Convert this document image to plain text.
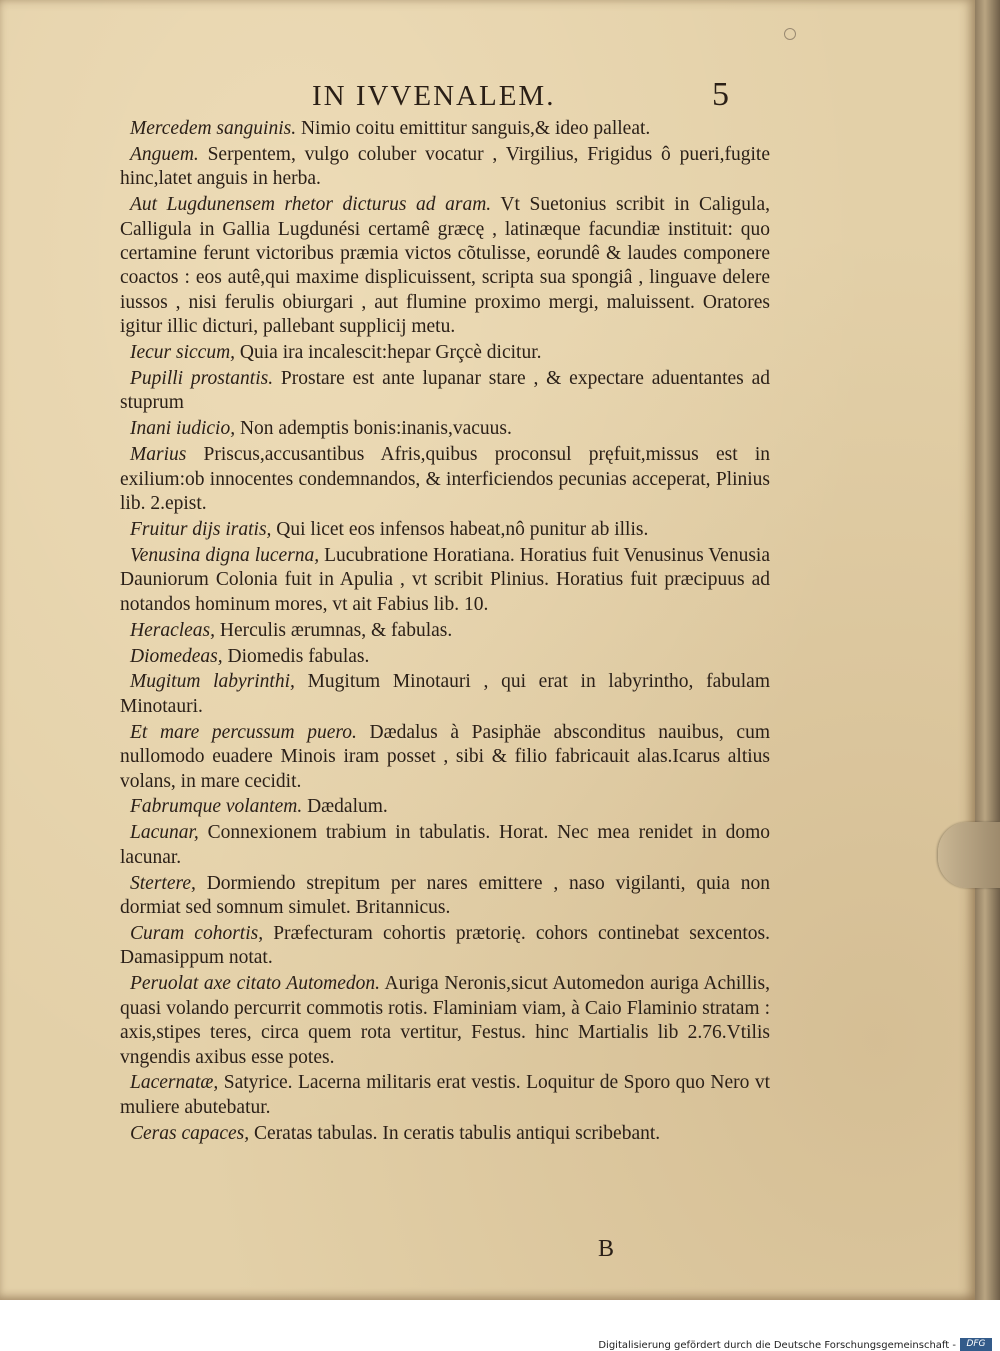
IN IVVENALEM.	5

Mercedem sanguinis. Nimio coitu emittitur sanguis,& ideo palleat.

Anguem. Serpentem, vulgo coluber vocatur , Virgilius, Frigidus ô pueri,fugite hinc,latet anguis in herba.

Aut Lugdunensem rhetor dicturus ad aram. Vt Suetonius scribit in Caligula, Calligula in Gallia Lugdunési certamê græcę , latinæque facundiæ instituit: quo certamine ferunt victoribus præmia victos cõtulisse, eorundê & laudes componere coactos : eos autê,qui maxime displicuissent, scripta sua spongiâ , linguave delere iussos , nisi ferulis obiurgari , aut flumine proximo mergi, maluissent. Oratores igitur illic dicturi, pallebant supplicij metu.

Iecur siccum, Quia ira incalescit:hepar Grçcè dicitur.

Pupilli prostantis. Prostare est ante lupanar stare , & expectare aduentantes ad stuprum

Inani iudicio, Non ademptis bonis:inanis,vacuus.

Marius Priscus,accusantibus Afris,quibus proconsul pręfuit,missus est in exilium:ob innocentes condemnandos, & interficiendos pecunias acceperat, Plinius lib. 2.epist.

Fruitur dijs iratis, Qui licet eos infensos habeat,nô punitur ab illis.

Venusina digna lucerna, Lucubratione Horatiana. Horatius fuit Venusinus Venusia Dauniorum Colonia fuit in Apulia , vt scribit Plinius. Horatius fuit præcipuus ad notandos hominum mores, vt ait Fabius lib. 10.

Heracleas, Herculis ærumnas, & fabulas.

Diomedeas, Diomedis fabulas.

Mugitum labyrinthi, Mugitum Minotauri , qui erat in labyrintho, fabulam Minotauri.

Et mare percussum puero. Dædalus à Pasiphäe absconditus nauibus, cum nullomodo euadere Minois iram posset , sibi & filio fabricauit alas.Icarus altius volans, in mare cecidit.

Fabrumque volantem. Dædalum.

Lacunar, Connexionem trabium in tabulatis. Horat. Nec mea renidet in domo lacunar.

Stertere, Dormiendo strepitum per nares emittere , naso vigilanti, quia non dormiat sed somnum simulet. Britannicus.

Curam cohortis, Præfecturam cohortis prætorię. cohors continebat sexcentos. Damasippum notat.

Peruolat axe citato Automedon. Auriga Neronis,sicut Automedon auriga Achillis, quasi volando percurrit commotis rotis. Flaminiam viam, à Caio Flaminio stratam : axis,stipes teres, circa quem rota vertitur, Festus. hinc Martialis lib 2.76.Vtilis vngendis axibus esse potes.

Lacernatæ, Satyrice. Lacerna militaris erat vestis. Loquitur de Sporo quo Nero vt muliere abutebatur.

Ceras capaces, Ceratas tabulas. In ceratis tabulis antiqui scribebant.

B
Digitalisierung gefördert durch die Deutsche Forschungsgemeinschaft -	DFG
